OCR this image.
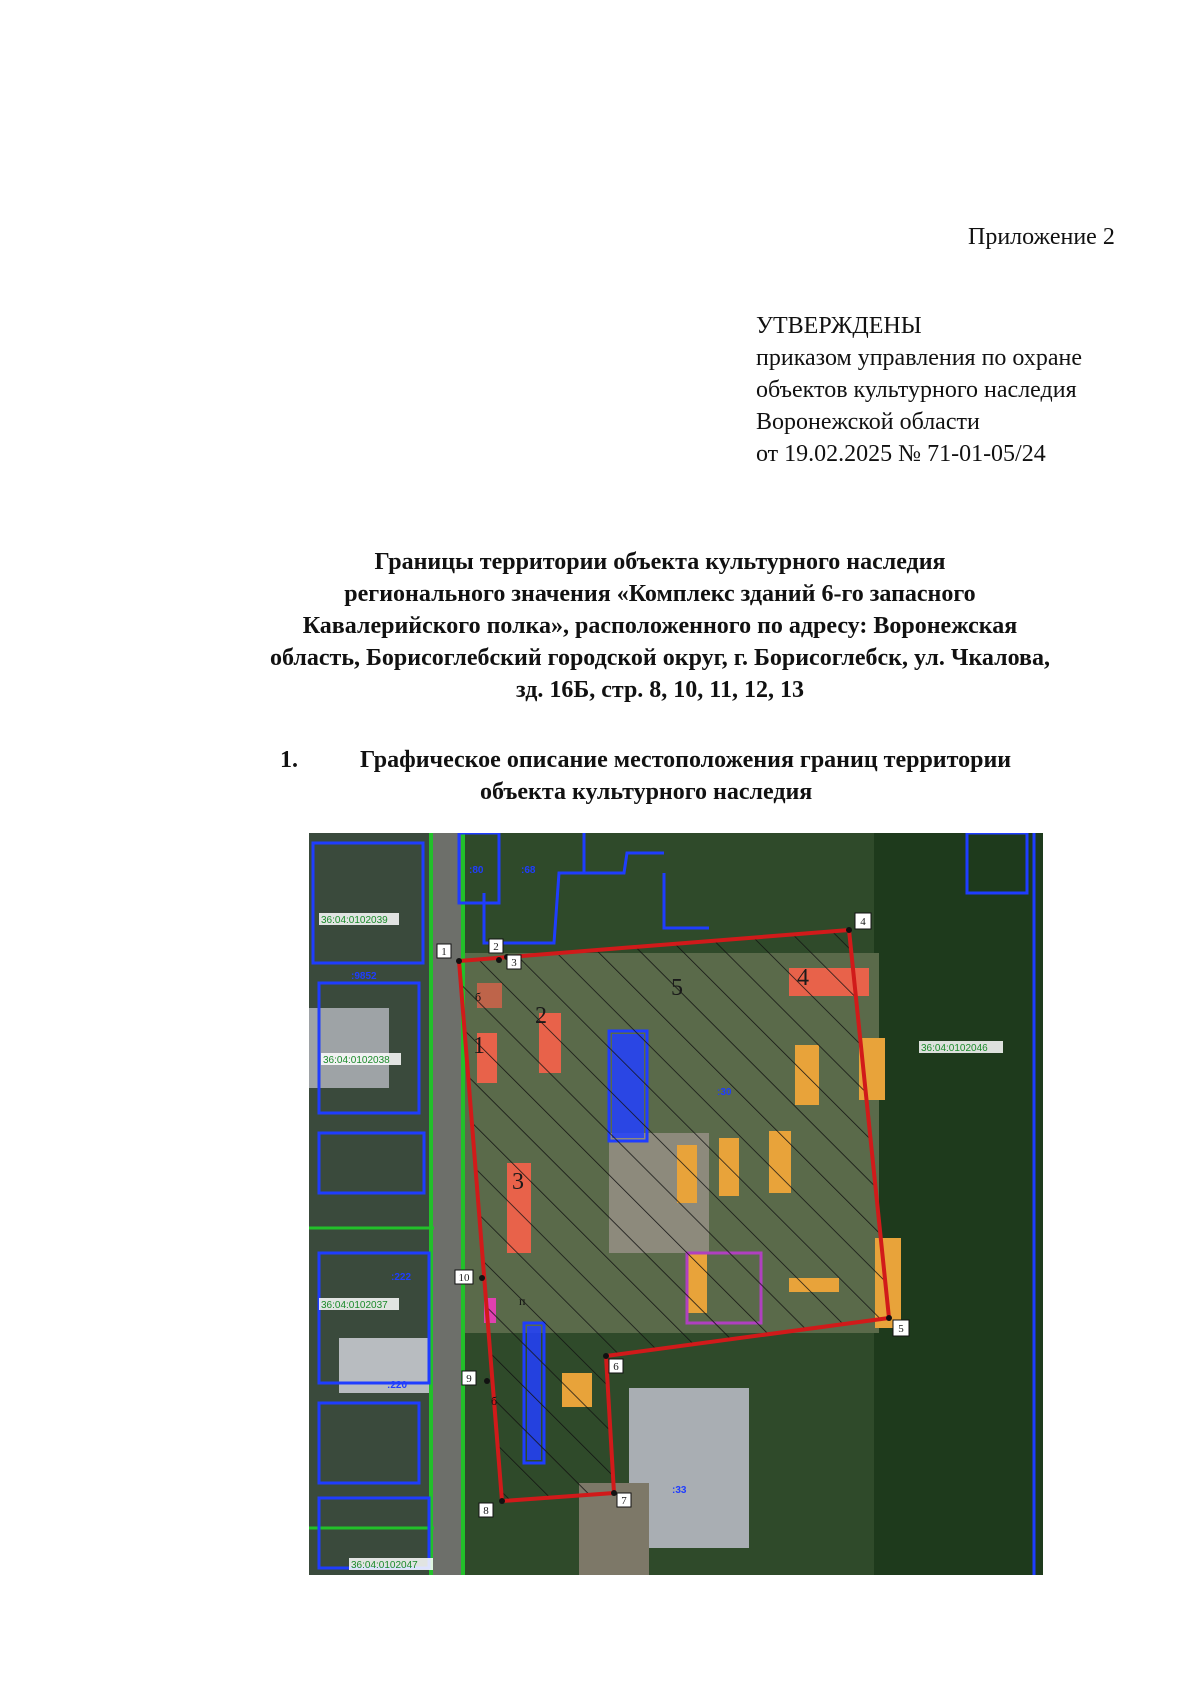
Приложение 2
УТВЕРЖДЕНЫ
приказом управления по охране
объектов культурного наследия
Воронежской области
от 19.02.2025 № 71-01-05/24
Границы территории объекта культурного наследия
регионального значения «Комплекс зданий 6-го запасного
Кавалерийского полка», расположенного по адресу: Воронежская
область, Борисоглебский городской округ, г. Борисоглебск, ул. Чкалова,
зд. 16Б, стр. 8, 10, 11, 12, 13
1.	Графическое описание местоположения границ территории
объекта культурного наследия
1	2
3
4
5
6
7
8
9
10
1
2
3
4
5
36:04:0102039
36:04:0102038
36:04:0102037
36:04:0102046
36:04:0102047
:30
:33
:220
:222
:9852
:68
:80
б
п
б
